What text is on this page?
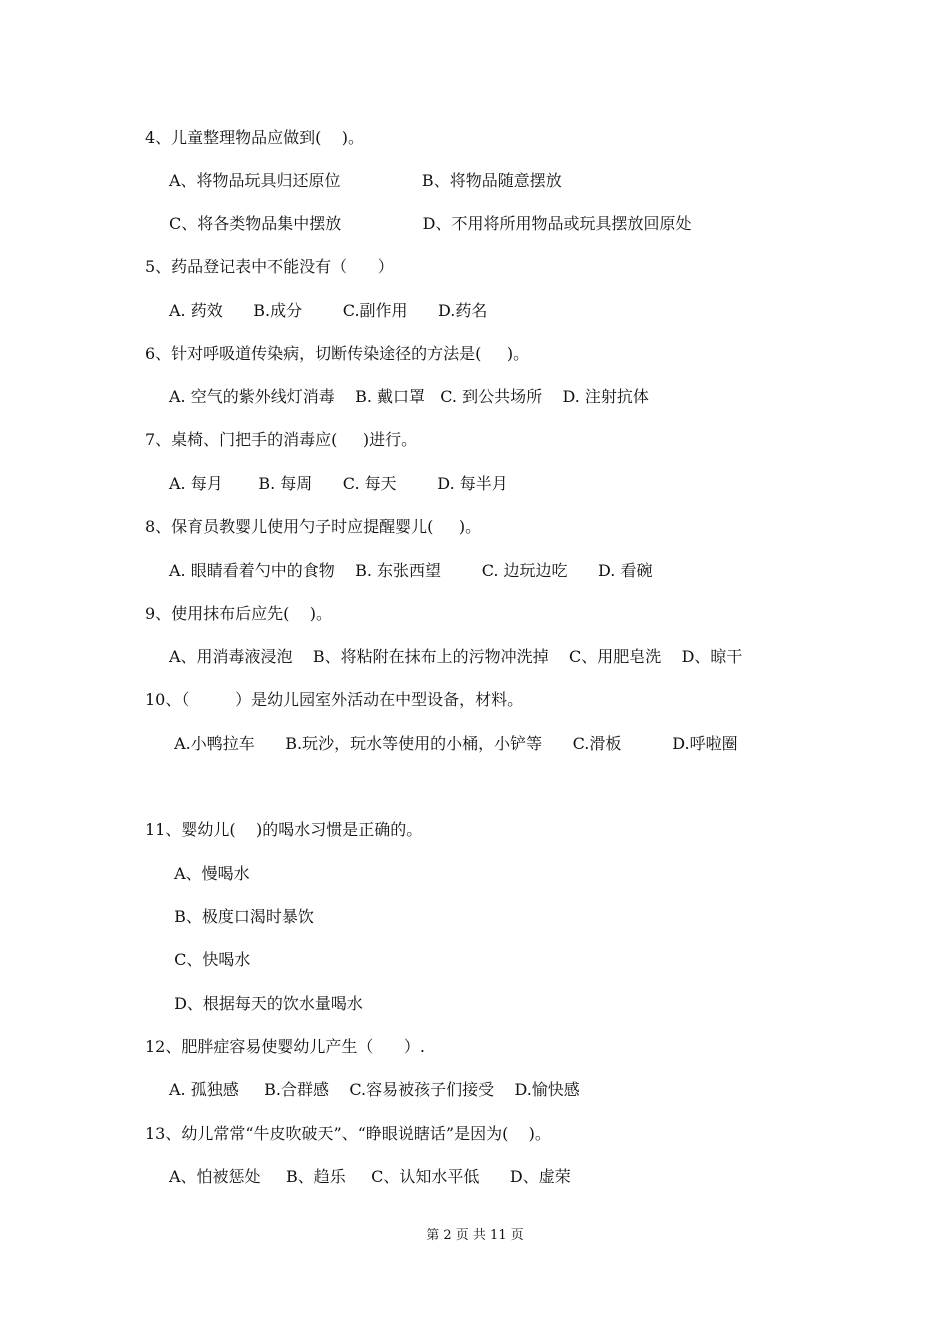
4、儿童整理物品应做到(    )。
A、将物品玩具归还原位                B、将物品随意摆放
C、将各类物品集中摆放                D、不用将所用物品或玩具摆放回原处
5、药品登记表中不能没有（      ）
A. 药效      B.成分        C.副作用      D.药名
6、针对呼吸道传染病，切断传染途径的方法是(     )。
A. 空气的紫外线灯消毒    B. 戴口罩   C. 到公共场所    D. 注射抗体
7、桌椅、门把手的消毒应(     )进行。
A. 每月       B. 每周      C. 每天        D. 每半月
8、保育员教婴儿使用勺子时应提醒婴儿(     )。
A. 眼睛看着勺中的食物    B. 东张西望        C. 边玩边吃      D. 看碗
9、使用抹布后应先(    )。
A、用消毒液浸泡    B、将粘附在抹布上的污物冲洗掉    C、用肥皂洗    D、晾干
10、（         ）是幼儿园室外活动在中型设备，材料。
A.小鸭拉车      B.玩沙，玩水等使用的小桶，小铲等      C.滑板          D.呼啦圈
11、婴幼儿(    )的喝水习惯是正确的。
A、慢喝水
B、极度口渴时暴饮
C、快喝水
D、根据每天的饮水量喝水
12、肥胖症容易使婴幼儿产生（      ）.
A. 孤独感     B.合群感    C.容易被孩子们接受    D.愉快感
13、幼儿常常“牛皮吹破天”、“睁眼说瞎话”是因为(    )。
A、怕被惩处     B、趋乐     C、认知水平低      D、虚荣
第 2 页 共 11 页
